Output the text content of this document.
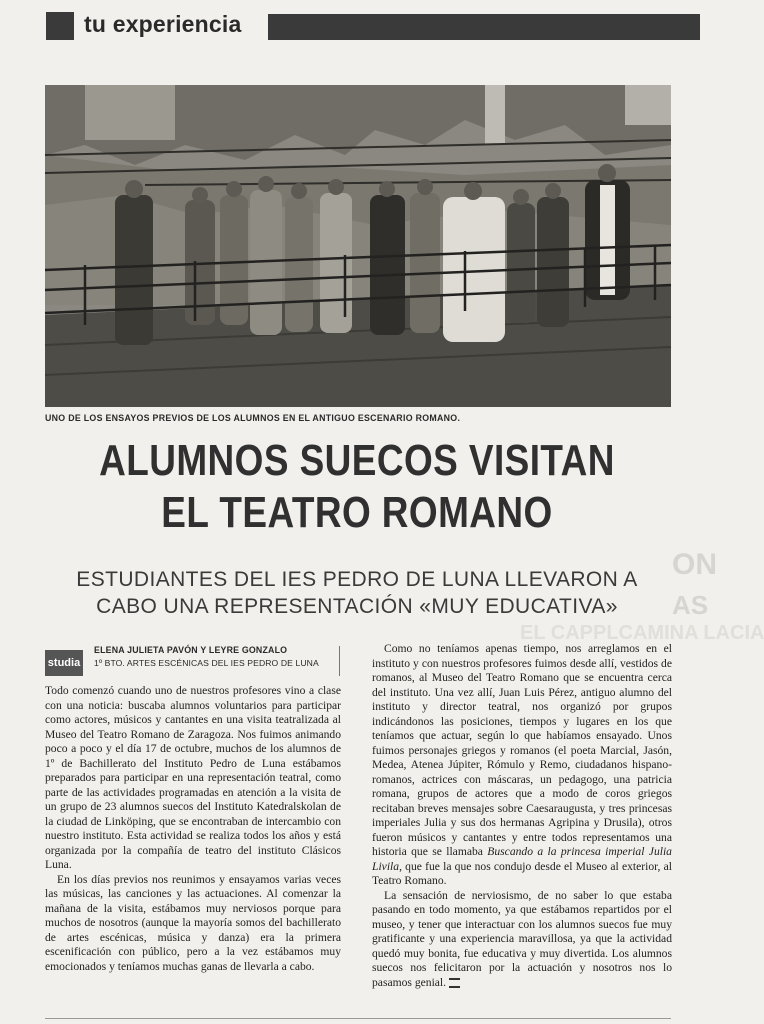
tu experiencia
UNO DE LOS ENSAYOS PREVIOS DE LOS ALUMNOS EN EL ANTIGUO ESCENARIO ROMANO.
ON
AS
EL CAPPLCAMINA LACIA
ALUMNOS SUECOS VISITAN
EL TEATRO ROMANO
ESTUDIANTES DEL IES PEDRO DE LUNA LLEVARON A
CABO UNA REPRESENTACIÓN «MUY EDUCATIVA»
studia
ELENA JULIETA PAVÓN Y LEYRE GONZALO
1º BTO. ARTES ESCÉNICAS DEL IES PEDRO DE LUNA

Todo comenzó cuando uno de nuestros profesores vino a clase con una noticia: buscaba alumnos voluntarios para participar como actores, músicos y cantantes en una visita teatralizada al Museo del Teatro Romano de Zaragoza. Nos fuimos animando poco a poco y el día 17 de octubre, muchos de los alumnos de 1º de Bachillerato del Instituto Pedro de Luna estábamos preparados para participar en una representación teatral, como parte de las actividades programadas en atención a la visita de un grupo de 23 alumnos suecos del Instituto Katedralskolan de la ciudad de Linköping, que se encontraban de intercambio con nuestro instituto. Esta actividad se realiza todos los años y está organizada por la compañía de teatro del instituto Clásicos Luna.

En los días previos nos reunimos y ensayamos varias veces las músicas, las canciones y las actuaciones. Al comenzar la mañana de la visita, estábamos muy nerviosos porque para muchos de nosotros (aunque la mayoría somos del bachillerato de artes escénicas, música y danza) era la primera escenificación con público, pero a la vez estábamos muy emocionados y teníamos muchas ganas de llevarla a cabo.

Como no teníamos apenas tiempo, nos arreglamos en el instituto y con nuestros profesores fuimos desde allí, vestidos de romanos, al Museo del Teatro Romano que se encuentra cerca del instituto. Una vez allí, Juan Luis Pérez, antiguo alumno del instituto y director teatral, nos organizó por grupos indicándonos las posiciones, tiempos y lugares en los que teníamos que actuar, según lo que habíamos ensayado. Unos fuimos personajes griegos y romanos (el poeta Marcial, Jasón, Medea, Atenea Júpiter, Rómulo y Remo, ciudadanos hispano-romanos, actrices con máscaras, un pedagogo, una patricia romana, grupos de actores que a modo de coros griegos recitaban breves mensajes sobre Caesaraugusta, y tres princesas imperiales Julia y sus dos hermanas Agripina y Drusila), otros fueron músicos y cantantes y entre todos representamos una historia que se llamaba Buscando a la princesa imperial Julia Livila, que fue la que nos condujo desde el Museo al exterior, al Teatro Romano.

La sensación de nerviosismo, de no saber lo que estaba pasando en todo momento, ya que estábamos repartidos por el museo, y tener que interactuar con los alumnos suecos fue muy gratificante y una experiencia maravillosa, ya que la actividad quedó muy bonita, fue educativa y muy divertida. Los alumnos suecos nos felicitaron por la actuación y nosotros nos lo pasamos genial.
